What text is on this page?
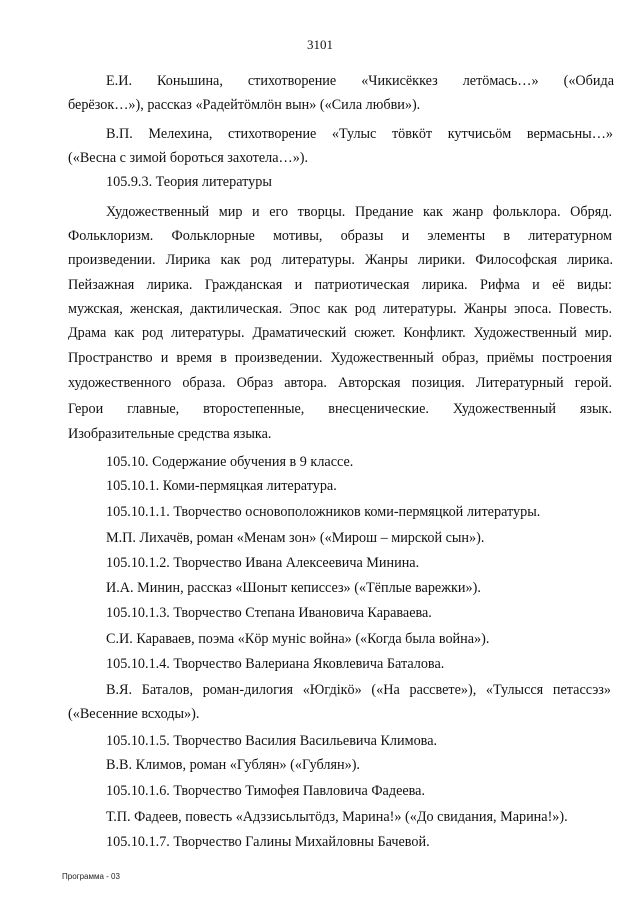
3101
Е.И. Коньшина, стихотворение «Чикисёккез летӧмась…» («Обида
берёзок…»), рассказ «Радейтӧмлӧн вын» («Сила любви»).
В.П. Мелехина, стихотворение «Тулыс тӧвкӧт кутчисьӧм вермасьны…»
(«Весна с зимой бороться захотела…»).
105.9.3. Теория литературы
Художественный мир и его творцы. Предание как жанр фольклора. Обряд.
Фольклоризм. Фольклорные мотивы, образы и элементы в литературном
произведении. Лирика как род литературы. Жанры лирики. Философская лирика.
Пейзажная лирика. Гражданская и патриотическая лирика. Рифма и её виды:
мужская, женская, дактилическая. Эпос как род литературы. Жанры эпоса. Повесть.
Драма как род литературы. Драматический сюжет. Конфликт. Художественный мир.
Пространство и время в произведении. Художественный образ, приёмы построения
художественного образа. Образ автора. Авторская позиция. Литературный герой.
Герои главные, второстепенные, внесценические. Художественный язык.
Изобразительные средства языка.
105.10. Содержание обучения в 9 классе.
105.10.1. Коми-пермяцкая литература.
105.10.1.1. Творчество основоположников коми-пермяцкой литературы.
М.П. Лихачёв, роман «Менам зон» («Мирош – мирской сын»).
105.10.1.2. Творчество Ивана Алексеевича Минина.
И.А. Минин, рассказ «Шоныт кеписсез» («Тёплые варежки»).
105.10.1.3. Творчество Степана Ивановича Караваева.
С.И. Караваев, поэма «Кӧр муніс война» («Когда была война»).
105.10.1.4. Творчество Валериана Яковлевича Баталова.
В.Я. Баталов, роман-дилогия «Югдікӧ» («На рассвете»), «Тулысся петассэз»
(«Весенние всходы»).
105.10.1.5. Творчество Василия Васильевича Климова.
В.В. Климов, роман «Гублян» («Гублян»).
105.10.1.6. Творчество Тимофея Павловича Фадеева.
Т.П. Фадеев, повесть «Адззисьлытӧдз, Марина!» («До свидания, Марина!»).
105.10.1.7. Творчество Галины Михайловны Бачевой.
Программа - 03
